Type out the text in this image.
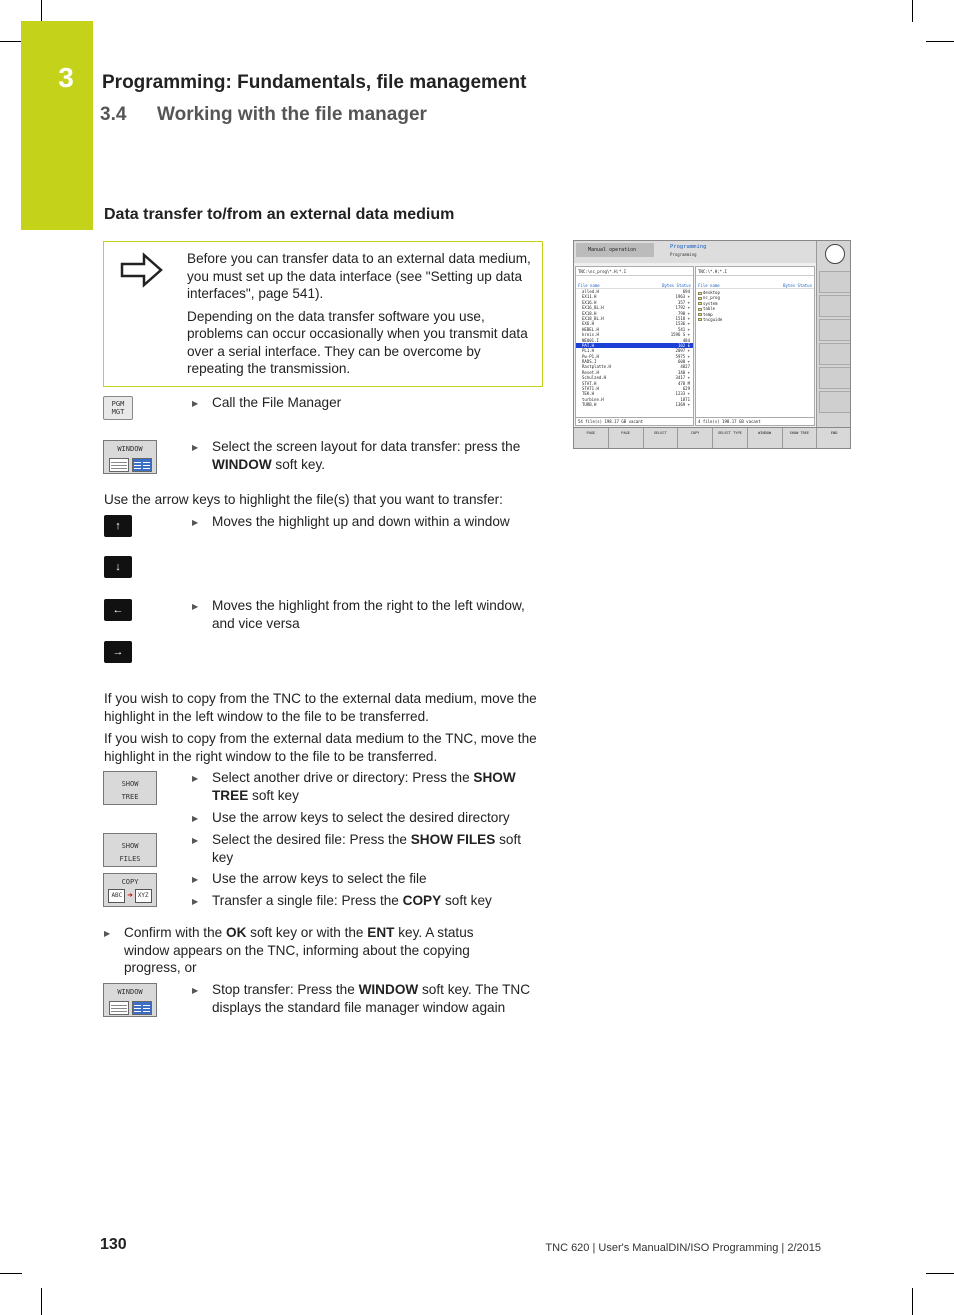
3	Programming: Fundamentals, file management
3.4 Working with the file manager
Data transfer to/from an external data medium

Before you can transfer data to an external data medium, you must set up the data interface (see "Setting up data interfaces", page 541).

Depending on the data transfer software you use, problems can occur occasionally when you transmit data over a serial interface. They can be overcome by repeating the transmission.

PGM
MGT
▶ Call the File Manager
WINDOW	▶ Select the screen layout for data transfer: press the WINDOW soft key.
Use the arrow keys to highlight the file(s) that you want to transfer:
↑	▶ Moves the highlight up and down within a window
↓
←	▶ Moves the highlight from the right to the left window, and vice versa
→
If you wish to copy from the TNC to the external data medium, move the highlight in the left window to the file to be transferred.
If you wish to copy from the external data medium to the TNC, move the highlight in the right window to the file to be transferred.
SHOW
TREE
▶ Select another drive or directory: Press the SHOW TREE soft key
▶ Use the arrow keys to select the desired directory
SHOW
FILES
▶ Select the desired file: Press the SHOW FILES soft key
COPY
ABC ➜ XYZ
▶ Use the arrow keys to select the file
▶ Transfer a single file: Press the COPY soft key
▶ Confirm with the OK soft key or with the ENT key. A status window appears on the TNC, informing about the copying progress, or
WINDOW	▶ Stop transfer: Press the WINDOW soft key. The TNC displays the standard file manager window again
Manual operation	Programming
Programming
TNC:\nc_prog\*.H;*.I
File name	Bytes Status
alled.H	694
EX11.H	1963 +
EX16.H	357 +
EX16_BL.H	1792 +
EX18.H	798 +
EX18_BL.H	1518 +
EX6.H	1536 +
HEBEL.H	541 +
kreis.H	1596 S +
NEU01.I	484
PAT.H	102 E
PL1.H	2097 +
Pw-P1.H	5975 +
RADS.I	608 +
Rastplatte.H	4827
Reset.H	340 +
Schulzed.H	3417 +
STAT.H	478 M
STAT1.H	629
TEK.H	1233 +
turbine.H	1871
TURB.H	1369 +
54 file(s) 198.17 GB vacant
TNC:\*.H;*.I
File name	Bytes Status
desktop
nc_prog
system
table
temp
tncguide
4 file(s) 198.17 GB vacant
PAGE	PAGE	SELECT	COPY	SELECT TYPE	WINDOW	SHOW TREE	END
130	TNC 620 | User's ManualDIN/ISO Programming | 2/2015
